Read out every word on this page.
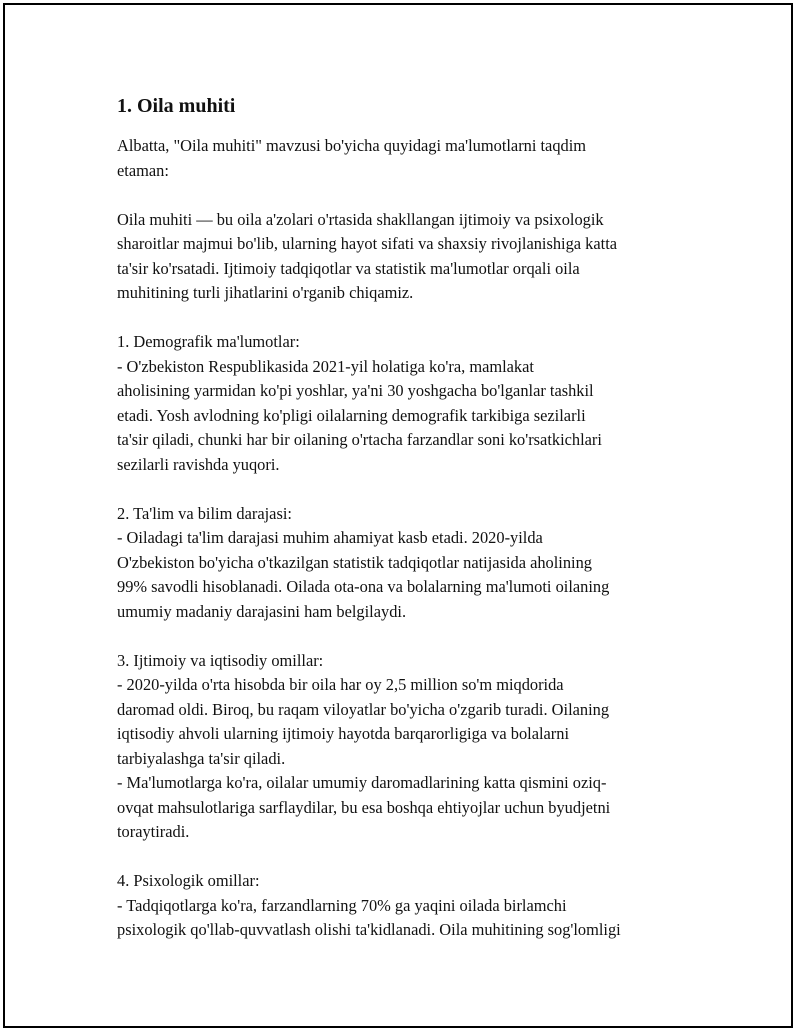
1. Oila muhiti

Albatta, "Oila muhiti" mavzusi bo'yicha quyidagi ma'lumotlarni taqdim
etaman:

Oila muhiti — bu oila a'zolari o'rtasida shakllangan ijtimoiy va psixologik
sharoitlar majmui bo'lib, ularning hayot sifati va shaxsiy rivojlanishiga katta
ta'sir ko'rsatadi. Ijtimoiy tadqiqotlar va statistik ma'lumotlar orqali oila
muhitining turli jihatlarini o'rganib chiqamiz.

1. Demografik ma'lumotlar:
- O'zbekiston Respublikasida 2021-yil holatiga ko'ra, mamlakat
aholisining yarmidan ko'pi yoshlar, ya'ni 30 yoshgacha bo'lganlar tashkil
etadi. Yosh avlodning ko'pligi oilalarning demografik tarkibiga sezilarli
ta'sir qiladi, chunki har bir oilaning o'rtacha farzandlar soni ko'rsatkichlari
sezilarli ravishda yuqori.

2. Ta'lim va bilim darajasi:
- Oiladagi ta'lim darajasi muhim ahamiyat kasb etadi. 2020-yilda
O'zbekiston bo'yicha o'tkazilgan statistik tadqiqotlar natijasida aholining
99% savodli hisoblanadi. Oilada ota-ona va bolalarning ma'lumoti oilaning
umumiy madaniy darajasini ham belgilaydi.

3. Ijtimoiy va iqtisodiy omillar:
- 2020-yilda o'rta hisobda bir oila har oy 2,5 million so'm miqdorida
daromad oldi. Biroq, bu raqam viloyatlar bo'yicha o'zgarib turadi. Oilaning
iqtisodiy ahvoli ularning ijtimoiy hayotda barqarorligiga va bolalarni
tarbiyalashga ta'sir qiladi.
- Ma'lumotlarga ko'ra, oilalar umumiy daromadlarining katta qismini oziq-
ovqat mahsulotlariga sarflaydilar, bu esa boshqa ehtiyojlar uchun byudjetni
toraytiradi.

4. Psixologik omillar:
- Tadqiqotlarga ko'ra, farzandlarning 70% ga yaqini oilada birlamchi
psixologik qo'llab-quvvatlash olishi ta'kidlanadi. Oila muhitining sog'lomligi
